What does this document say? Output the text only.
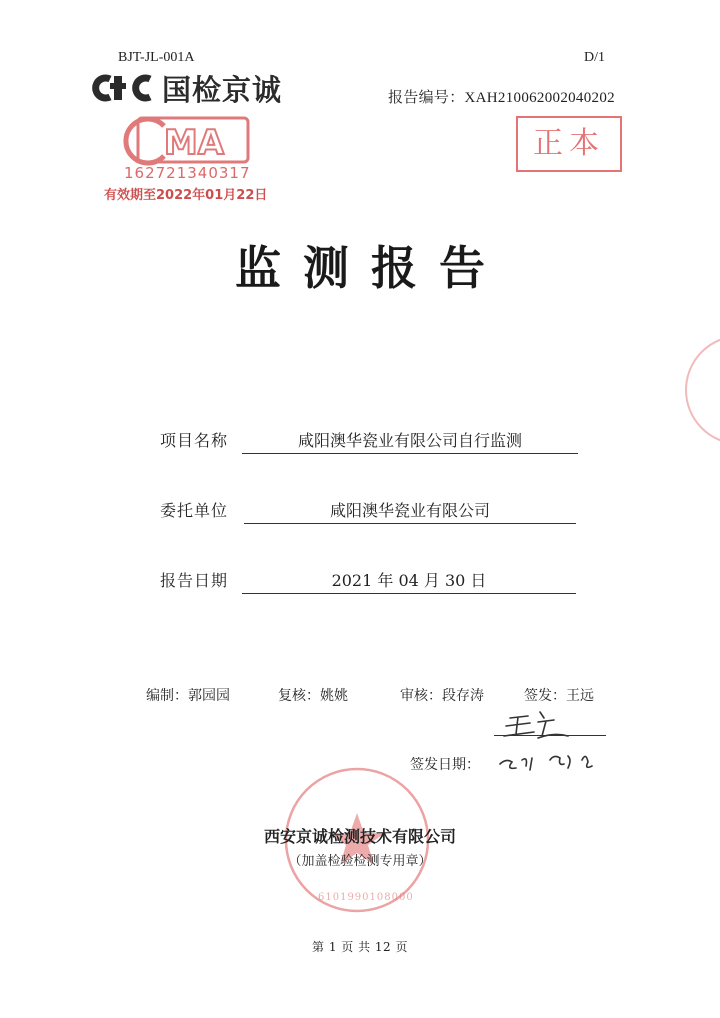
BJT-JL-001A	D/1
报告编号：XAH210062002040202
国检京诚
MA
162721340317
有效期至2022年01月22日
正本
监测报告
项目名称	咸阳澳华瓷业有限公司自行监测
委托单位	咸阳澳华瓷业有限公司
报告日期	2021 年 04 月 30 日
编制：郭园园	复核：姚姚	审核：段存涛	签发：王远
签发日期：
6101990108000
西安京诚检测技术有限公司
（加盖检验检测专用章）
第 1 页 共 12 页
